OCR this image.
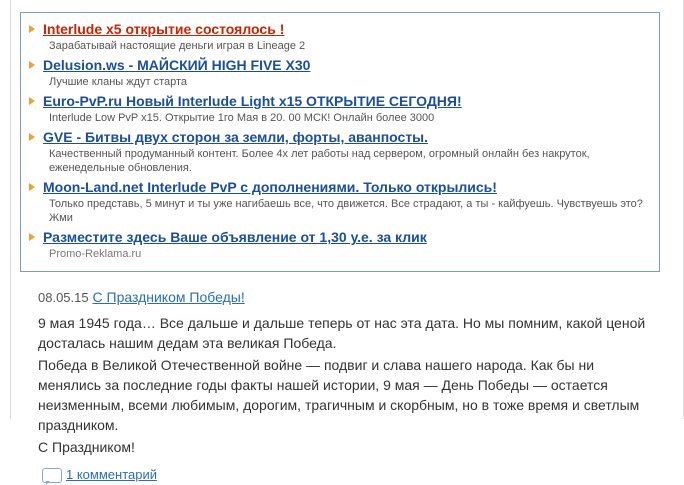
Interlude x5 открытие состоялось !
Зарабатывай настоящие деньги играя в Lineage 2
Delusion.ws - МАЙСКИЙ HIGH FIVE X30
Лучшие кланы ждут старта
Euro-PvP.ru Новый Interlude Light x15 ОТКРЫТИЕ СЕГОДНЯ!
Interlude Low PvP x15. Открытие 1го Мая в 20. 00 МСК! Онлайн более 3000
GVE - Битвы двух сторон за земли, форты, аванпосты.
Качественный продуманный контент. Более 4х лет работы над сервером, огромный онлайн без накруток, еженедельные обновления.
Moon-Land.net Interlude PvP с дополнениями. Только открылись!
Только представь, 5 минут и ты уже нагибаешь все, что движется. Все страдают, а ты - кайфуешь. Чувствуешь это? Жми
Разместите здесь Ваше объявление от 1,30 у.е. за клик
Promo-Reklama.ru
08.05.15 С Праздником Победы!

9 мая 1945 года… Все дальше и дальше теперь от нас эта дата. Но мы помним, какой ценой досталась нашим дедам эта великая Победа.

Победа в Великой Отечественной войне — подвиг и слава нашего народа. Как бы ни менялись за последние годы факты нашей истории, 9 мая — День Победы — остается неизменным, всеми любимым, дорогим, трагичным и скорбным, но в тоже время и светлым праздником.

С Праздником!

1 комментарий
